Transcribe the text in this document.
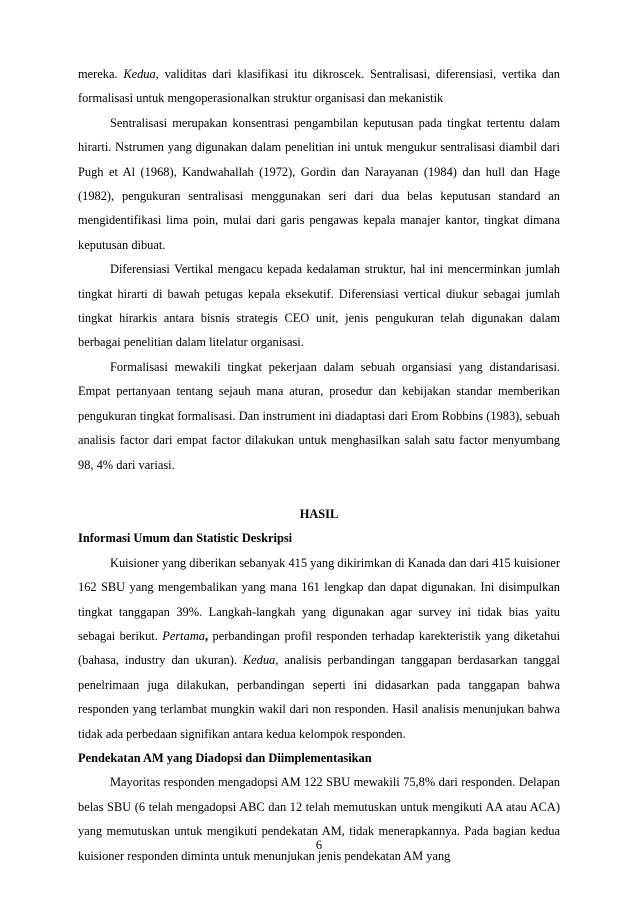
mereka. Kedua, validitas dari klasifikasi itu dikroscek. Sentralisasi, diferensiasi, vertika dan formalisasi untuk mengoperasionalkan struktur organisasi dan mekanistik

Sentralisasi merupakan konsentrasi pengambilan keputusan pada tingkat tertentu dalam hirarti. Nstrumen yang digunakan dalam penelitian ini untuk mengukur sentralisasi diambil dari Pugh et Al (1968), Kandwahallah (1972), Gordin dan Narayanan (1984) dan hull dan Hage (1982), pengukuran sentralisasi menggunakan seri dari dua belas keputusan standard an mengidentifikasi lima poin, mulai dari garis pengawas kepala manajer kantor, tingkat dimana keputusan dibuat.

Diferensiasi Vertikal mengacu kepada kedalaman struktur, hal ini mencerminkan jumlah tingkat hirarti di bawah petugas kepala eksekutif. Diferensiasi vertical diukur sebagai jumlah tingkat hirarkis antara bisnis strategis CEO unit, jenis pengukuran telah digunakan dalam berbagai penelitian dalam litelatur organisasi.

Formalisasi mewakili tingkat pekerjaan dalam sebuah organsiasi yang distandarisasi. Empat pertanyaan tentang sejauh mana aturan, prosedur dan kebijakan standar memberikan pengukuran tingkat formalisasi. Dan instrument ini diadaptasi dari Erom Robbins (1983), sebuah analisis factor dari empat factor dilakukan untuk menghasilkan salah satu factor menyumbang 98, 4% dari variasi.

HASIL

Informasi Umum dan Statistic Deskripsi

Kuisioner yang diberikan sebanyak 415 yang dikirimkan di Kanada dan dari 415 kuisioner 162 SBU yang mengembalikan yang mana 161 lengkap dan dapat digunakan. Ini disimpulkan tingkat tanggapan 39%. Langkah-langkah yang digunakan agar survey ini tidak bias yaitu sebagai berikut. Pertama, perbandingan profil responden terhadap karekteristik yang diketahui (bahasa, industry dan ukuran). Kedua, analisis perbandingan tanggapan berdasarkan tanggal penelrimaan juga dilakukan, perbandingan seperti ini didasarkan pada tanggapan bahwa responden yang terlambat mungkin wakil dari non responden. Hasil analisis menunjukan bahwa tidak ada perbedaan signifikan antara kedua kelompok responden.

Pendekatan AM yang Diadopsi dan Diimplementasikan

Mayoritas responden mengadopsi AM 122 SBU mewakili 75,8% dari responden. Delapan belas SBU (6 telah mengadopsi ABC dan 12 telah memutuskan untuk mengikuti AA atau ACA) yang memutuskan untuk mengikuti pendekatan AM, tidak menerapkannya. Pada bagian kedua kuisioner responden diminta untuk menunjukan jenis pendekatan AM yang

6
